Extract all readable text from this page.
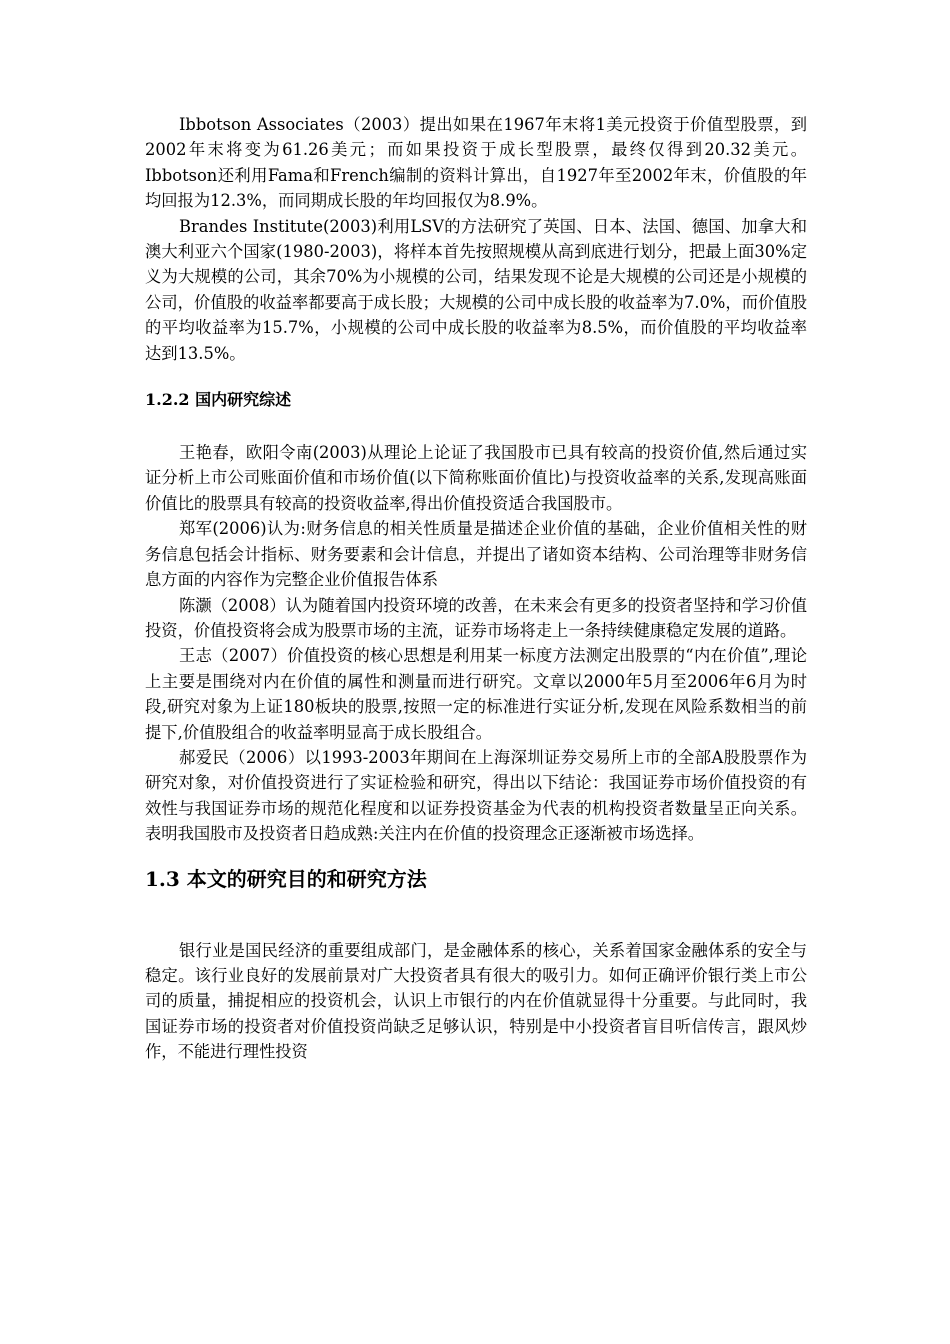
Ibbotson Associates（2003）提出如果在1967年末将1美元投资于价值型股票，到2002年末将变为61.26美元；而如果投资于成长型股票，最终仅得到20.32美元。Ibbotson还利用Fama和French编制的资料计算出，自1927年至2002年末，价值股的年均回报为12.3%，而同期成长股的年均回报仅为8.9%。

Brandes Institute(2003)利用LSV的方法研究了英国、日本、法国、德国、加拿大和澳大利亚六个国家(1980-2003)，将样本首先按照规模从高到底进行划分，把最上面30%定义为大规模的公司，其余70%为小规模的公司，结果发现不论是大规模的公司还是小规模的公司，价值股的收益率都要高于成长股；大规模的公司中成长股的收益率为7.0%，而价值股的平均收益率为15.7%，小规模的公司中成长股的收益率为8.5%，而价值股的平均收益率达到13.5%。

1.2.2 国内研究综述

王艳春，欧阳令南(2003)从理论上论证了我国股市已具有较高的投资价值,然后通过实证分析上市公司账面价值和市场价值(以下简称账面价值比)与投资收益率的关系,发现高账面价值比的股票具有较高的投资收益率,得出价值投资适合我国股市。

郑军(2006)认为:财务信息的相关性质量是描述企业价值的基础，企业价值相关性的财务信息包括会计指标、财务要素和会计信息，并提出了诸如资本结构、公司治理等非财务信息方面的内容作为完整企业价值报告体系

陈灏（2008）认为随着国内投资环境的改善，在未来会有更多的投资者坚持和学习价值投资，价值投资将会成为股票市场的主流，证券市场将走上一条持续健康稳定发展的道路。

王志（2007）价值投资的核心思想是利用某一标度方法测定出股票的“内在价值”,理论上主要是围绕对内在价值的属性和测量而进行研究。文章以2000年5月至2006年6月为时段,研究对象为上证180板块的股票,按照一定的标准进行实证分析,发现在风险系数相当的前提下,价值股组合的收益率明显高于成长股组合。

郝爱民（2006）以1993-2003年期间在上海深圳证券交易所上市的全部A股股票作为研究对象，对价值投资进行了实证检验和研究，得出以下结论：我国证券市场价值投资的有效性与我国证券市场的规范化程度和以证券投资基金为代表的机构投资者数量呈正向关系。表明我国股市及投资者日趋成熟:关注内在价值的投资理念正逐渐被市场选择。

1.3 本文的研究目的和研究方法

银行业是国民经济的重要组成部门，是金融体系的核心，关系着国家金融体系的安全与稳定。该行业良好的发展前景对广大投资者具有很大的吸引力。如何正确评价银行类上市公司的质量，捕捉相应的投资机会，认识上市银行的内在价值就显得十分重要。与此同时，我国证券市场的投资者对价值投资尚缺乏足够认识，特别是中小投资者盲目听信传言，跟风炒作，不能进行理性投资
